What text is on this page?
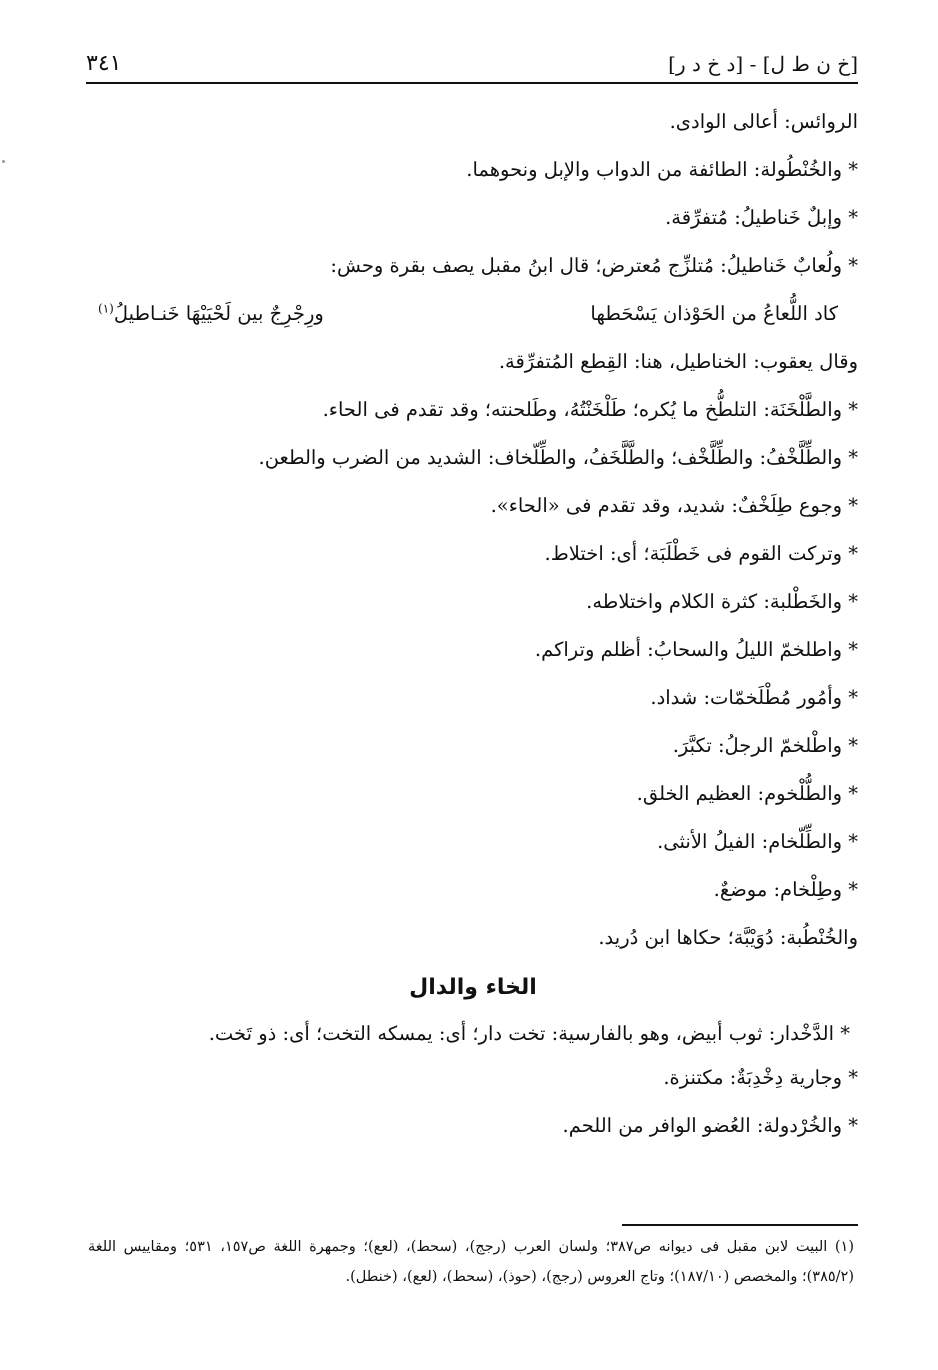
[خ ن ط ل] - [د خ د ر]
٣٤١
الروائس: أعالى الوادى.
* والخُنْطُولة: الطائفة من الدواب والإبل ونحوهما.
* وإبلٌ خَناطيلُ: مُتفرِّقة.
* ولُعابٌ خَناطيلُ: مُتلزِّج مُعترض؛ قال ابنُ مقبل يصف بقرة وحش:
كاد اللُّعاعُ من الحَوْذان يَسْحَطها
ورِجْرِجٌ بين لَحْيَيْهَا خَنـاطيلُ$^{(١)}$
وقال يعقوب: الخناطيل، هنا: القِطع المُتفرِّقة.
* والطَّلْخَنَة: التلطُّخ ما يُكره؛ طَلْخَنْتُهُ، وطَلحنته؛ وقد تقدم فى الحاء.
* والطِّلَّخْفُ: والطِّلَّخْف؛ والطَّلَّخَفُ، والطِّلّخاف: الشديد من الضرب والطعن.
* وجوع طِلَخْفٌ: شديد، وقد تقدم فى «الحاء».
* وتركت القوم فى خَطْلَبَة؛ أى: اختلاط.
* والخَطْلبة: كثرة الكلام واختلاطه.
* واطلخمّ الليلُ والسحابُ: أظلم وتراكم.
* وأمُور مُطْلَخمّات: شداد.
* واطْلخمّ الرجلُ: تكبَّرَ.
* والطُّلْخوم: العظيم الخلق.
* والطِّلّخام: الفيلُ الأنثى.
* وطِلْخام: موضعٌ.
والخُنْطُبة: دُوَيْبَّة؛ حكاها ابن دُريد.
الخاء والدال
* الدَّخْدار: ثوب أبيض، وهو بالفارسية: تخت دار؛ أى: يمسكه التخت؛ أى: ذو تَخت.
* وجارية دِخْدِبَةٌ: مكتنزة.
* والخُرْدولة: العُضو الوافر من اللحم.
(١) البيت لابن مقبل فى ديوانه ص٣٨٧؛ ولسان العرب (رجج)، (سحط)، (لعع)؛ وجمهرة اللغة ص١٥٧، ٥٣١؛ ومقاييس اللغة (٣٨٥/٢)؛ والمخصص (١٨٧/١٠)؛ وتاج العروس (رجج)، (حوذ)، (سحط)، (لعع)، (خنطل).
